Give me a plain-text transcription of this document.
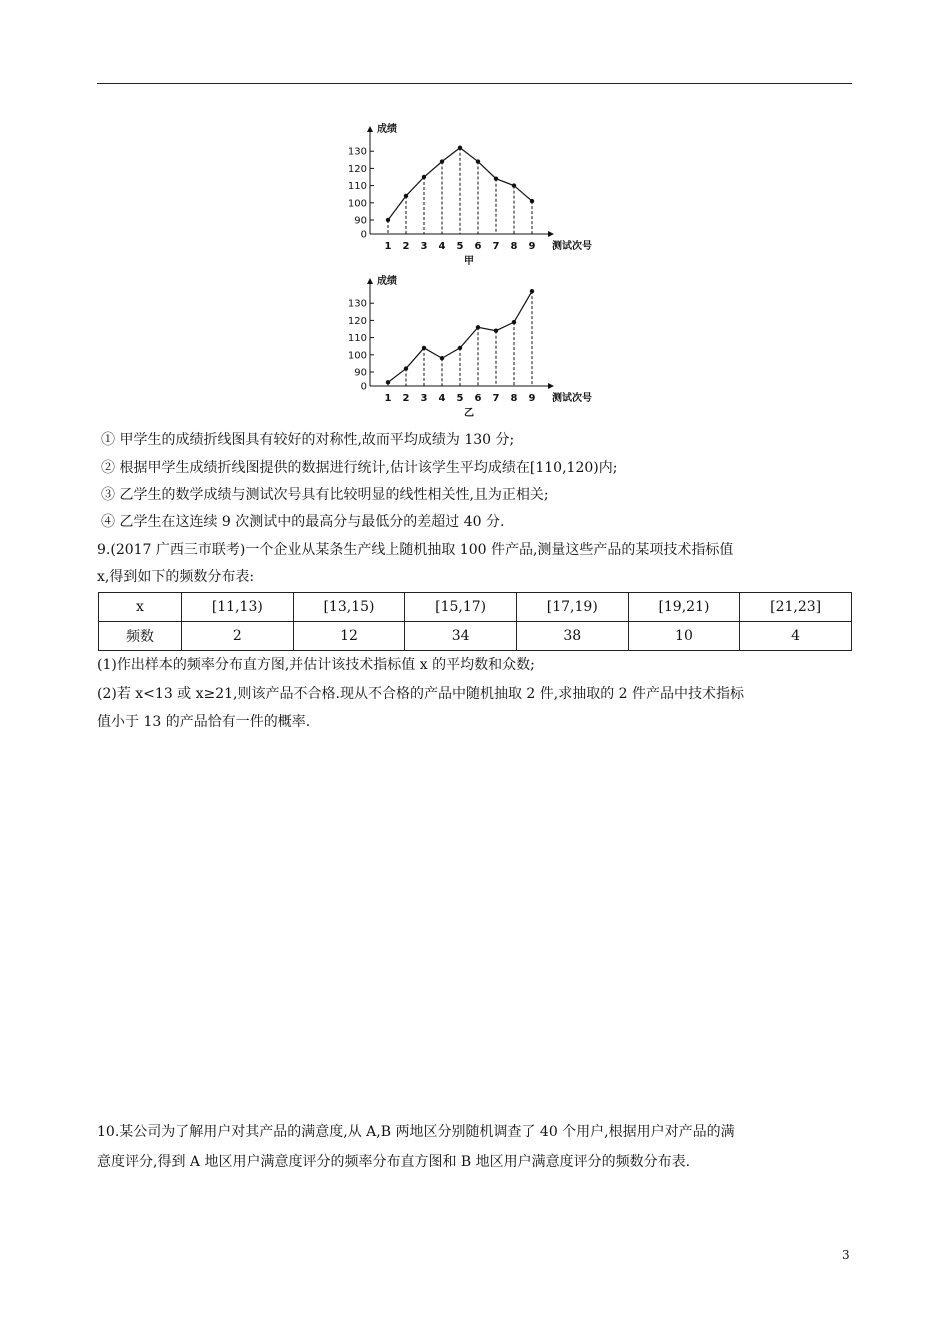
成绩
测试次号
甲
0
90
100
110
120
130
1 2 3 4 5 6 7 8 9
成绩
测试次号
乙
0
90
100
110
120
130
1 2 3 4 5 6 7 8 9
① 甲学生的成绩折线图具有较好的对称性,故而平均成绩为 130 分;
② 根据甲学生成绩折线图提供的数据进行统计,估计该学生平均成绩在[110,120)内;
③ 乙学生的数学成绩与测试次号具有比较明显的线性相关性,且为正相关;
④ 乙学生在这连续 9 次测试中的最高分与最低分的差超过 40 分.
9.(2017 广西三市联考)一个企业从某条生产线上随机抽取 100 件产品,测量这些产品的某项技术指标值
x,得到如下的频数分布表:
x	[11,13)	[13,15)	[15,17)	[17,19)	[19,21)	[21,23]
频数	2	12	34	38	10	4
(1)作出样本的频率分布直方图,并估计该技术指标值 x 的平均数和众数;
(2)若 x<13 或 x≥21,则该产品不合格.现从不合格的产品中随机抽取 2 件,求抽取的 2 件产品中技术指标
值小于 13 的产品恰有一件的概率.
10.某公司为了解用户对其产品的满意度,从 A,B 两地区分别随机调查了 40 个用户,根据用户对产品的满
意度评分,得到 A 地区用户满意度评分的频率分布直方图和 B 地区用户满意度评分的频数分布表.
3
